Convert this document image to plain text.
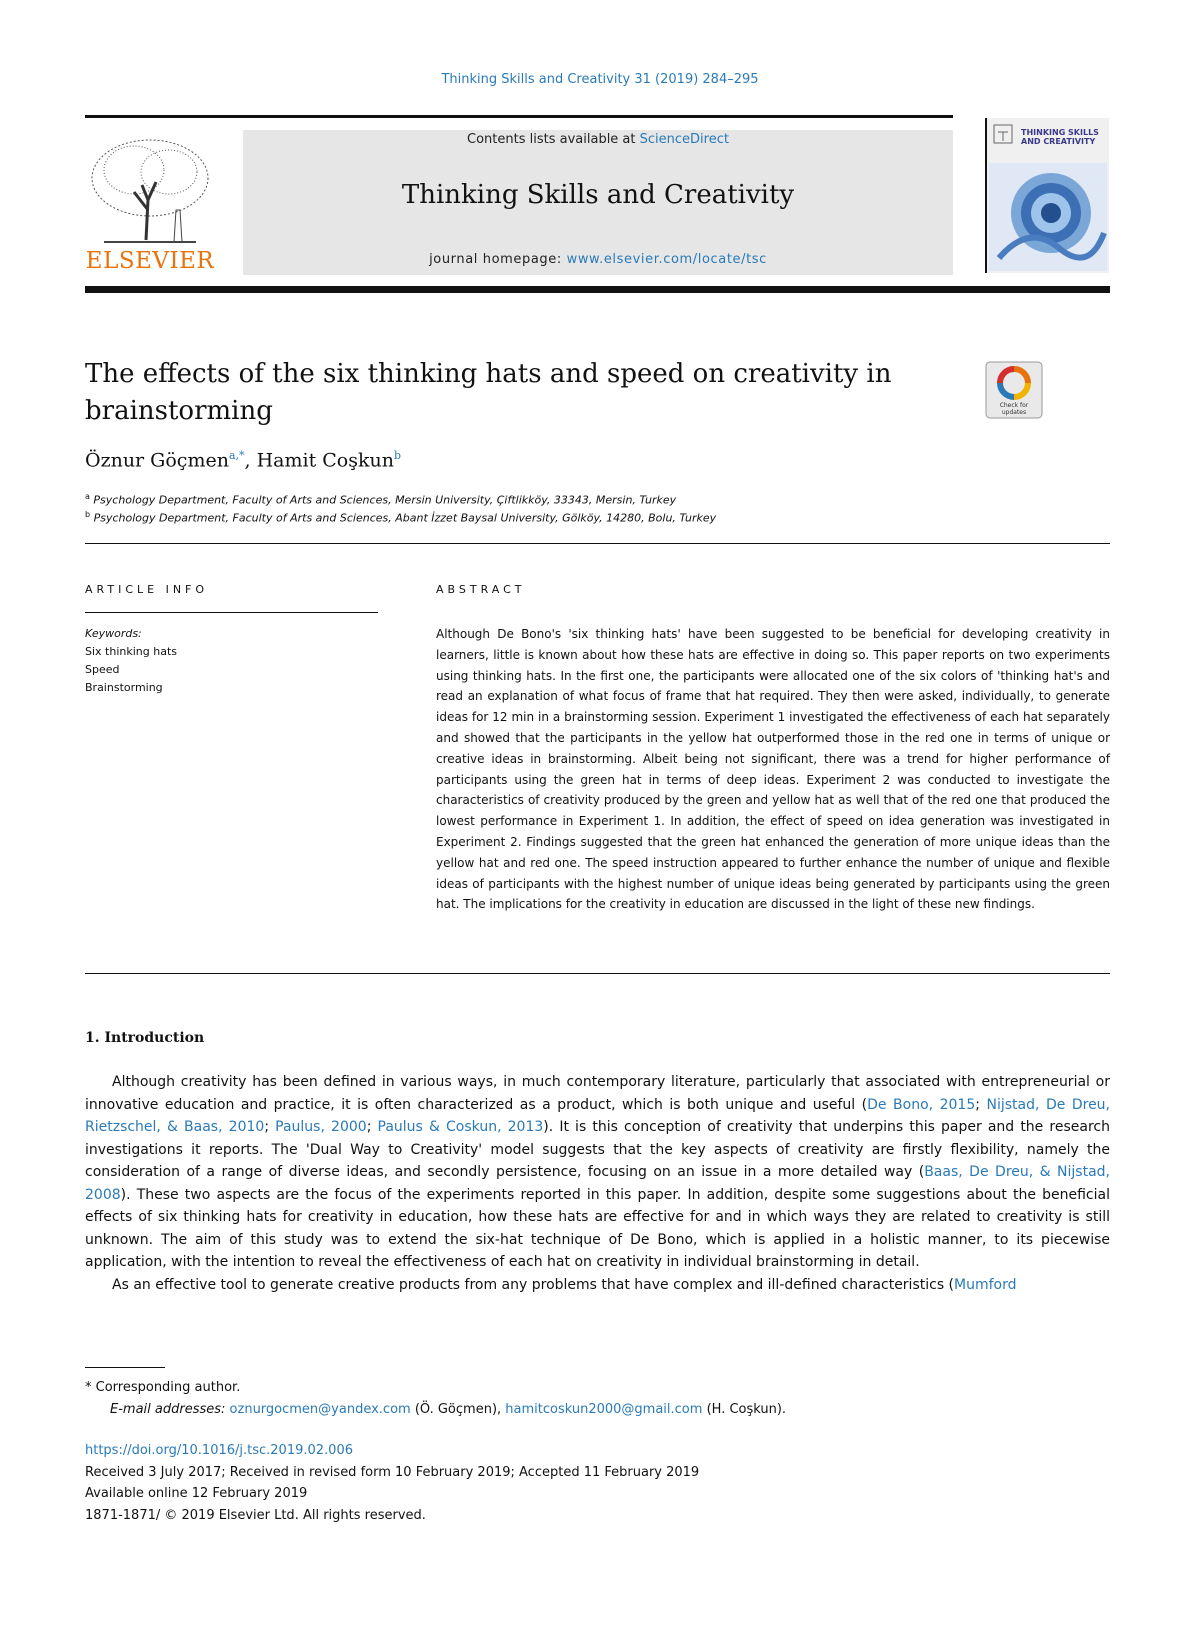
Thinking Skills and Creativity 31 (2019) 284–295
ELSEVIER
Contents lists available at ScienceDirect
Thinking Skills and Creativity
journal homepage: www.elsevier.com/locate/tsc
THINKING SKILLS
AND CREATIVITY
The effects of the six thinking hats and speed on creativity in
brainstorming	Check for
updates
Öznur Göçmen$^{a,*}$, Hamit Coşkun$^b$
$^a$ Psychology Department, Faculty of Arts and Sciences, Mersin University, Çiftlikköy, 33343, Mersin, Turkey
$^b$ Psychology Department, Faculty of Arts and Sciences, Abant İzzet Baysal University, Gölköy, 14280, Bolu, Turkey
ARTICLE INFO
Keywords:
Six thinking hats
Speed
Brainstorming
ABSTRACT
Although De Bono's 'six thinking hats' have been suggested to be beneficial for developing creativity in learners, little is known about how these hats are effective in doing so. This paper reports on two experiments using thinking hats. In the first one, the participants were allocated one of the six colors of 'thinking hat's and read an explanation of what focus of frame that hat required. They then were asked, individually, to generate ideas for 12 min in a brainstorming session. Experiment 1 investigated the effectiveness of each hat separately and showed that the participants in the yellow hat outperformed those in the red one in terms of unique or creative ideas in brainstorming. Albeit being not significant, there was a trend for higher performance of participants using the green hat in terms of deep ideas. Experiment 2 was conducted to investigate the characteristics of creativity produced by the green and yellow hat as well that of the red one that produced the lowest performance in Experiment 1. In addition, the effect of speed on idea generation was investigated in Experiment 2. Findings suggested that the green hat enhanced the generation of more unique ideas than the yellow hat and red one. The speed instruction appeared to further enhance the number of unique and flexible ideas of participants with the highest number of unique ideas being generated by participants using the green hat. The implications for the creativity in education are discussed in the light of these new findings.
1. Introduction

Although creativity has been defined in various ways, in much contemporary literature, particularly that associated with entrepreneurial or innovative education and practice, it is often characterized as a product, which is both unique and useful (De Bono, 2015; Nijstad, De Dreu, Rietzschel, & Baas, 2010; Paulus, 2000; Paulus & Coskun, 2013). It is this conception of creativity that underpins this paper and the research investigations it reports. The 'Dual Way to Creativity' model suggests that the key aspects of creativity are firstly flexibility, namely the consideration of a range of diverse ideas, and secondly persistence, focusing on an issue in a more detailed way (Baas, De Dreu, & Nijstad, 2008). These two aspects are the focus of the experiments reported in this paper. In addition, despite some suggestions about the beneficial effects of six thinking hats for creativity in education, how these hats are effective for and in which ways they are related to creativity is still unknown. The aim of this study was to extend the six-hat technique of De Bono, which is applied in a holistic manner, to its piecewise application, with the intention to reveal the effectiveness of each hat on creativity in individual brainstorming in detail.

As an effective tool to generate creative products from any problems that have complex and ill-defined characteristics (Mumford

* Corresponding author.
E-mail addresses: oznurgocmen@yandex.com (Ö. Göçmen), hamitcoskun2000@gmail.com (H. Coşkun).
https://doi.org/10.1016/j.tsc.2019.02.006
Received 3 July 2017; Received in revised form 10 February 2019; Accepted 11 February 2019
Available online 12 February 2019
1871-1871/ © 2019 Elsevier Ltd. All rights reserved.
